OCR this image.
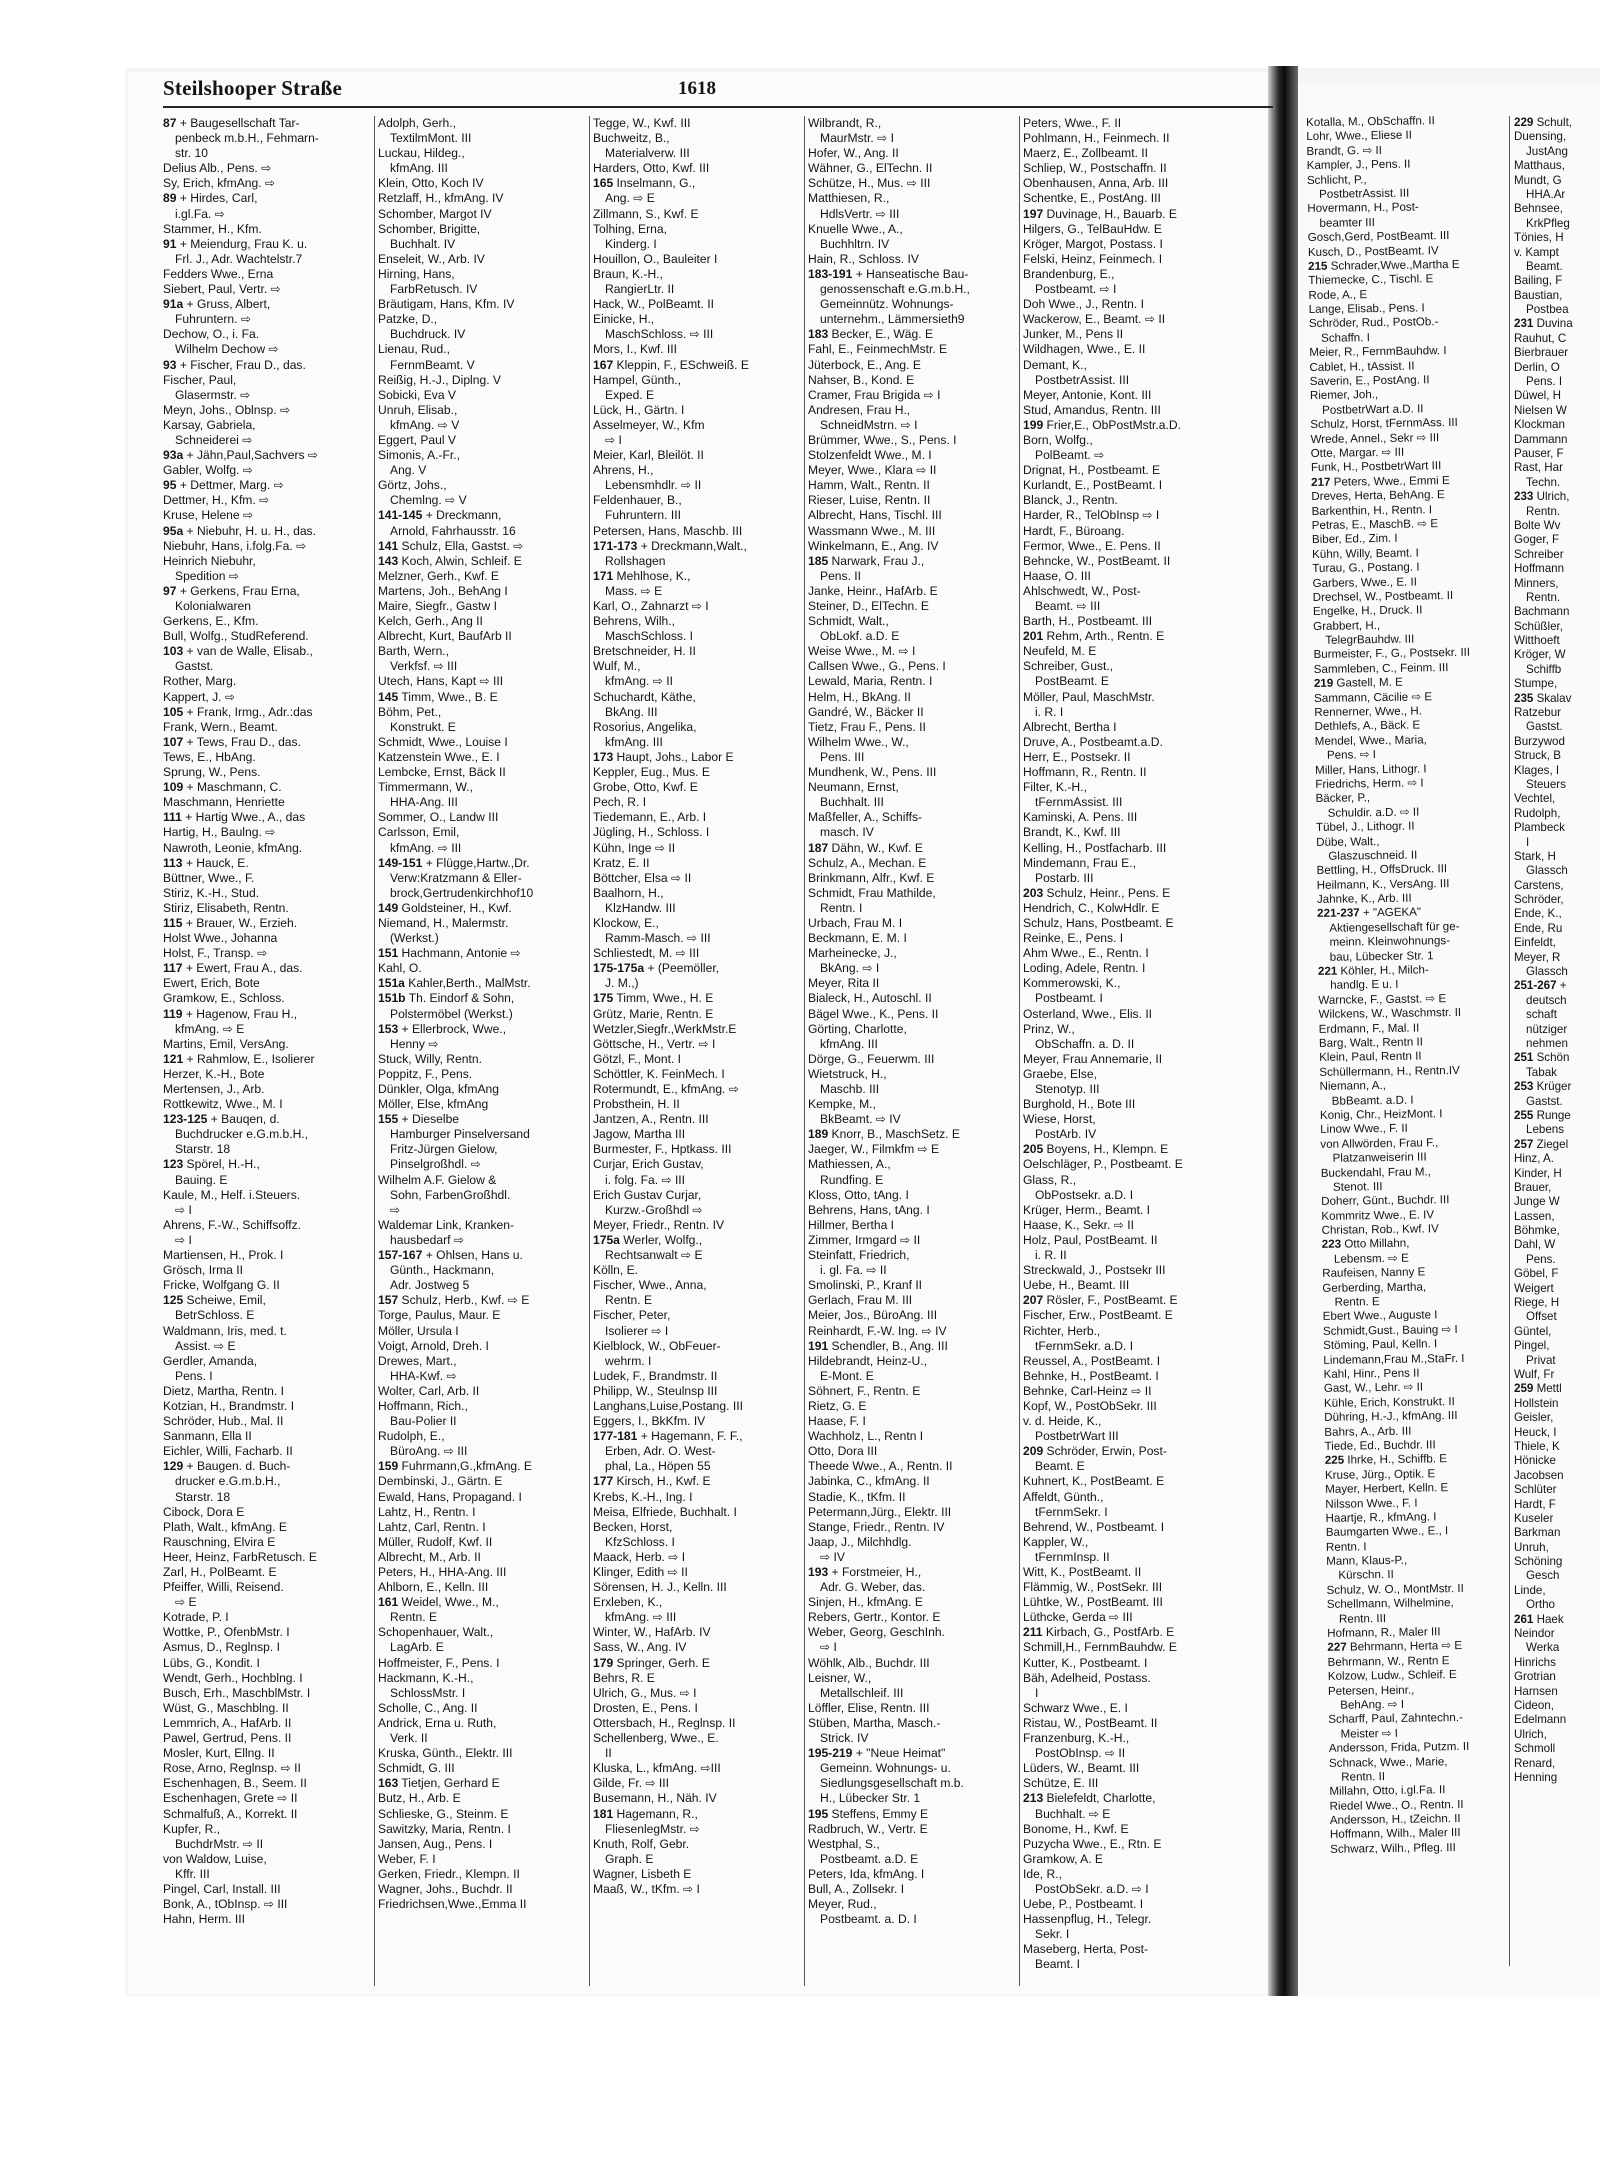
Steilshooper Straße	1618
87 + Baugesellschaft Tar-
penbeck m.b.H., Fehmarn-
str. 10
Delius Alb., Pens. ⇨
Sy, Erich, kfmAng. ⇨
89 + Hirdes, Carl,
i.gl.Fa. ⇨
Stammer, H., Kfm.
91 + Meiendurg, Frau K. u.
Frl. J., Adr. Wachtelstr.7
Fedders Wwe., Erna
Siebert, Paul, Vertr. ⇨
91a + Gruss, Albert,
Fuhruntern. ⇨
Dechow, O., i. Fa.
Wilhelm Dechow ⇨
93 + Fischer, Frau D., das.
Fischer, Paul,
Glasermstr. ⇨
Meyn, Johs., Oblnsp. ⇨
Karsay, Gabriela,
Schneiderei ⇨
93a + Jähn,Paul,Sachvers ⇨
Gabler, Wolfg. ⇨
95 + Dettmer, Marg. ⇨
Dettmer, H., Kfm. ⇨
Kruse, Helene ⇨
95a + Niebuhr, H. u. H., das.
Niebuhr, Hans, i.folg.Fa. ⇨
Heinrich Niebuhr,
Spedition ⇨
97 + Gerkens, Frau Erna,
Kolonialwaren
Gerkens, E., Kfm.
Bull, Wolfg., StudReferend.
103 + van de Walle, Elisab.,
Gastst.
Rother, Marg.
Kappert, J. ⇨
105 + Frank, Irmg., Adr.:das
Frank, Wern., Beamt.
107 + Tews, Frau D., das.
Tews, E., HbAng.
Sprung, W., Pens.
109 + Maschmann, C.
Maschmann, Henriette
111 + Hartig Wwe., A., das
Hartig, H., Baulng. ⇨
Nawroth, Leonie, kfmAng.
113 + Hauck, E.
Büttner, Wwe., F.
Stiriz, K.-H., Stud.
Stiriz, Elisabeth, Rentn.
115 + Brauer, W., Erzieh.
Holst Wwe., Johanna
Holst, F., Transp. ⇨
117 + Ewert, Frau A., das.
Ewert, Erich, Bote
Gramkow, E., Schloss.
119 + Hagenow, Frau H.,
kfmAng. ⇨ E
Martins, Emil, VersAng.
121 + Rahmlow, E., Isolierer
Herzer, K.-H., Bote
Mertensen, J., Arb.
Rottkewitz, Wwe., M. I
123-125 + Bauqen, d.
Buchdrucker e.G.m.b.H.,
Starstr. 18
123 Spörel, H.-H.,
Bauing. E
Kaule, M., Helf. i.Steuers.
⇨ I
Ahrens, F.-W., Schiffsoffz.
⇨ I
Martiensen, H., Prok. I
Grösch, Irma II
Fricke, Wolfgang G. II
125 Scheiwe, Emil,
BetrSchloss. E
Waldmann, Iris, med. t.
Assist. ⇨ E
Gerdler, Amanda,
Pens. I
Dietz, Martha, Rentn. I
Kotzian, H., Brandmstr. I
Schröder, Hub., Mal. II
Sanmann, Ella II
Eichler, Willi, Facharb. II
129 + Baugen. d. Buch-
drucker e.G.m.b.H.,
Starstr. 18
Cibock, Dora E
Plath, Walt., kfmAng. E
Rauschning, Elvira E
Heer, Heinz, FarbRetusch. E
Zarl, H., PolBeamt. E
Pfeiffer, Willi, Reisend.
⇨ E
Kotrade, P. I
Wottke, P., OfenbMstr. I
Asmus, D., Reglnsp. I
Lübs, G., Kondit. I
Wendt, Gerh., Hochblng. I
Busch, Erh., MaschblMstr. I
Wüst, G., Maschblng. II
Lemmrich, A., HafArb. II
Pawel, Gertrud, Pens. II
Mosler, Kurt, Ellng. II
Rose, Arno, Reglnsp. ⇨ II
Eschenhagen, B., Seem. II
Eschenhagen, Grete ⇨ II
Schmalfuß, A., Korrekt. II
Kupfer, R.,
BuchdrMstr. ⇨ II
von Waldow, Luise,
Kffr. III
Pingel, Carl, Install. III
Bonk, A., tObInsp. ⇨ III
Hahn, Herm. III
Adolph, Gerh.,
TextilmMont. III
Luckau, Hildeg.,
kfmAng. III
Klein, Otto, Koch IV
Retzlaff, H., kfmAng. IV
Schomber, Margot IV
Schomber, Brigitte,
Buchhalt. IV
Enseleit, W., Arb. IV
Hirning, Hans,
FarbRetusch. IV
Bräutigam, Hans, Kfm. IV
Patzke, D.,
Buchdruck. IV
Lienau, Rud.,
FernmBeamt. V
Reißig, H.-J., Diplng. V
Sobicki, Eva V
Unruh, Elisab.,
kfmAng. ⇨ V
Eggert, Paul V
Simonis, A.-Fr.,
Ang. V
Görtz, Johs.,
Chemlng. ⇨ V
141-145 + Dreckmann,
Arnold, Fahrhausstr. 16
141 Schulz, Ella, Gastst. ⇨
143 Koch, Alwin, Schleif. E
Melzner, Gerh., Kwf. E
Martens, Joh., BehAng I
Maire, Siegfr., Gastw I
Kelch, Gerh., Ang II
Albrecht, Kurt, BaufArb II
Barth, Wern.,
Verkfsf. ⇨ III
Utech, Hans, Kapt ⇨ III
145 Timm, Wwe., B. E
Böhm, Pet.,
Konstrukt. E
Schmidt, Wwe., Louise I
Katzenstein Wwe., E. I
Lembcke, Ernst, Bäck II
Timmermann, W.,
HHA-Ang. III
Sommer, O., Landw III
Carlsson, Emil,
kfmAng. ⇨ III
149-151 + Flügge,Hartw.,Dr.
Verw:Kratzmann & Eller-
brock,Gertrudenkirchhof10
149 Goldsteiner, H., Kwf.
Niemand, H., Malermstr.
(Werkst.)
151 Hachmann, Antonie ⇨
Kahl, O.
151a Kahler,Berth., MalMstr.
151b Th. Eindorf & Sohn,
Polstermöbel (Werkst.)
153 + Ellerbrock, Wwe.,
Henny ⇨
Stuck, Willy, Rentn.
Poppitz, F., Pens.
Dünkler, Olga, kfmAng
Möller, Else, kfmAng
155 + Dieselbe
Hamburger Pinselversand
Fritz-Jürgen Gielow,
Pinselgroßhdl. ⇨
Wilhelm A.F. Gielow &
Sohn, FarbenGroßhdl.
⇨
Waldemar Link, Kranken-
hausbedarf ⇨
157-167 + Ohlsen, Hans u.
Günth., Hackmann,
Adr. Jostweg 5
157 Schulz, Herb., Kwf. ⇨ E
Torge, Paulus, Maur. E
Möller, Ursula I
Voigt, Arnold, Dreh. I
Drewes, Mart.,
HHA-Kwf. ⇨
Wolter, Carl, Arb. II
Hoffmann, Rich.,
Bau-Polier II
Rudolph, E.,
BüroAng. ⇨ III
159 Fuhrmann,G.,kfmAng. E
Dembinski, J., Gärtn. E
Ewald, Hans, Propagand. I
Lahtz, H., Rentn. I
Lahtz, Carl, Rentn. I
Müller, Rudolf, Kwf. II
Albrecht, M., Arb. II
Peters, H., HHA-Ang. III
Ahlborn, E., Kelln. III
161 Weidel, Wwe., M.,
Rentn. E
Schopenhauer, Walt.,
LagArb. E
Hoffmeister, F., Pens. I
Hackmann, K.-H.,
SchlossMstr. I
Scholle, C., Ang. II
Andrick, Erna u. Ruth,
Verk. II
Kruska, Günth., Elektr. III
Schmidt, G. III
163 Tietjen, Gerhard E
Butz, H., Arb. E
Schlieske, G., Steinm. E
Sawitzky, Maria, Rentn. I
Jansen, Aug., Pens. I
Weber, F. I
Gerken, Friedr., Klempn. II
Wagner, Johs., Buchdr. II
Friedrichsen,Wwe.,Emma II
Tegge, W., Kwf. III
Buchweitz, B.,
Materialverw. III
Harders, Otto, Kwf. III
165 Inselmann, G.,
Ang. ⇨ E
Zillmann, S., Kwf. E
Tolhing, Erna,
Kinderg. I
Houillon, O., Bauleiter I
Braun, K.-H.,
RangierLtr. II
Hack, W., PolBeamt. II
Einicke, H.,
MaschSchloss. ⇨ III
Mors, I., Kwf. III
167 Kleppin, F., ESchweiß. E
Hampel, Günth.,
Exped. E
Lück, H., Gärtn. I
Asselmeyer, W., Kfm
⇨ I
Meier, Karl, Bleilöt. II
Ahrens, H.,
Lebensmhdlr. ⇨ II
Feldenhauer, B.,
Fuhruntern. III
Petersen, Hans, Maschb. III
171-173 + Dreckmann,Walt.,
Rollshagen
171 Mehlhose, K.,
Mass. ⇨ E
Karl, O., Zahnarzt ⇨ I
Behrens, Wilh.,
MaschSchloss. I
Bretschneider, H. II
Wulf, M.,
kfmAng. ⇨ II
Schuchardt, Käthe,
BkAng. III
Rosorius, Angelika,
kfmAng. III
173 Haupt, Johs., Labor E
Keppler, Eug., Mus. E
Grobe, Otto, Kwf. E
Pech, R. I
Tiedemann, E., Arb. I
Jügling, H., Schloss. I
Kühn, Inge ⇨ II
Kratz, E. II
Böttcher, Elsa ⇨ II
Baalhorn, H.,
KlzHandw. III
Klockow, E.,
Ramm-Masch. ⇨ III
Schliestedt, M. ⇨ III
175-175a + (Peemöller,
J. M.,)
175 Timm, Wwe., H. E
Grütz, Marie, Rentn. E
Wetzler,Siegfr.,WerkMstr.E
Göttsche, H., Vertr. ⇨ I
Götzl, F., Mont. I
Schöttler, K. FeinMech. I
Rotermundt, E., kfmAng. ⇨
Probsthein, H. II
Jantzen, A., Rentn. III
Jagow, Martha III
Burmester, F., Hptkass. III
Curjar, Erich Gustav,
i. folg. Fa. ⇨ III
Erich Gustav Curjar,
Kurzw.-Großhdl ⇨
Meyer, Friedr., Rentn. IV
175a Werler, Wolfg.,
Rechtsanwalt ⇨ E
Kölln, E.
Fischer, Wwe., Anna,
Rentn. E
Fischer, Peter,
Isolierer ⇨ I
Kielblock, W., ObFeuer-
wehrm. I
Ludek, F., Brandmstr. II
Philipp, W., Steulnsp III
Langhans,Luise,Postang. III
Eggers, I., BkKfm. IV
177-181 + Hagemann, F. F.,
Erben, Adr. O. West-
phal, La., Höpen 55
177 Kirsch, H., Kwf. E
Krebs, K.-H., Ing. I
Meisa, Elfriede, Buchhalt. I
Becken, Horst,
KfzSchloss. I
Maack, Herb. ⇨ I
Klinger, Edith ⇨ II
Sörensen, H. J., Kelln. III
Erxleben, K.,
kfmAng. ⇨ III
Winter, W., HafArb. IV
Sass, W., Ang. IV
179 Springer, Gerh. E
Behrs, R. E
Ulrich, G., Mus. ⇨ I
Drosten, E., Pens. I
Ottersbach, H., Reglnsp. II
Schellenberg, Wwe., E.
II
Kluska, L., kfmAng. ⇨III
Gilde, Fr. ⇨ III
Busemann, H., Näh. IV
181 Hagemann, R.,
FliesenlegMstr. ⇨
Knuth, Rolf, Gebr.
Graph. E
Wagner, Lisbeth E
Maaß, W., tKfm. ⇨ I
Wilbrandt, R.,
MaurMstr. ⇨ I
Hofer, W., Ang. II
Wähner, G., ElTechn. II
Schütze, H., Mus. ⇨ III
Matthiesen, R.,
HdlsVertr. ⇨ III
Knuelle Wwe., A.,
Buchhltrn. IV
Hain, R., Schloss. IV
183-191 + Hanseatische Bau-
genossenschaft e.G.m.b.H.,
Gemeinnütz. Wohnungs-
unternehm., Lämmersieth9
183 Becker, E., Wäg. E
Fahl, E., FeinmechMstr. E
Jüterbock, E., Ang. E
Nahser, B., Kond. E
Cramer, Frau Brigida ⇨ I
Andresen, Frau H.,
SchneidMstrn. ⇨ I
Brümmer, Wwe., S., Pens. I
Stolzenfeldt Wwe., M. I
Meyer, Wwe., Klara ⇨ II
Hamm, Walt., Rentn. II
Rieser, Luise, Rentn. II
Albrecht, Hans, Tischl. III
Wassmann Wwe., M. III
Winkelmann, E., Ang. IV
185 Narwark, Frau J.,
Pens. II
Janke, Heinr., HafArb. E
Steiner, D., ElTechn. E
Schmidt, Walt.,
ObLokf. a.D. E
Weise Wwe., M. ⇨ I
Callsen Wwe., G., Pens. I
Lewald, Maria, Rentn. I
Helm, H., BkAng. II
Gandré, W., Bäcker II
Tietz, Frau F., Pens. II
Wilhelm Wwe., W.,
Pens. III
Mundhenk, W., Pens. III
Neumann, Ernst,
Buchhalt. III
Maßfeller, A., Schiffs-
masch. IV
187 Dähn, W., Kwf. E
Schulz, A., Mechan. E
Brinkmann, Alfr., Kwf. E
Schmidt, Frau Mathilde,
Rentn. I
Urbach, Frau M. I
Beckmann, E. M. I
Marheinecke, J.,
BkAng. ⇨ I
Meyer, Rita II
Bialeck, H., Autoschl. II
Bägel Wwe., K., Pens. II
Görting, Charlotte,
kfmAng. III
Dörge, G., Feuerwm. III
Wietstruck, H.,
Maschb. III
Kempke, M.,
BkBeamt. ⇨ IV
189 Knorr, B., MaschSetz. E
Jaeger, W., Filmkfm ⇨ E
Mathiessen, A.,
Rundfing. E
Kloss, Otto, tAng. I
Behrens, Hans, tAng. I
Hillmer, Bertha I
Zimmer, Irmgard ⇨ II
Steinfatt, Friedrich,
i. gl. Fa. ⇨ II
Smolinski, P., Kranf II
Gerlach, Frau M. III
Meier, Jos., BüroAng. III
Reinhardt, F.-W. Ing. ⇨ IV
191 Schendler, B., Ang. III
Hildebrandt, Heinz-U.,
E-Mont. E
Söhnert, F., Rentn. E
Rietz, G. E
Haase, F. I
Wachholz, L., Rentn I
Otto, Dora III
Theede Wwe., A., Rentn. II
Jabinka, C., kfmAng. II
Stadie, K., tKfm. II
Petermann,Jürg., Elektr. III
Stange, Friedr., Rentn. IV
Jaap, J., Milchhdlg.
⇨ IV
193 + Forstmeier, H.,
Adr. G. Weber, das.
Sinjen, H., kfmAng. E
Rebers, Gertr., Kontor. E
Weber, Georg, GeschInh.
⇨ I
Wöhlk, Alb., Buchdr. III
Leisner, W.,
Metallschleif. III
Löffler, Elise, Rentn. III
Stüben, Martha, Masch.-
Strick. IV
195-219 + "Neue Heimat"
Gemeinn. Wohnungs- u.
Siedlungsgesellschaft m.b.
H., Lübecker Str. 1
195 Steffens, Emmy E
Radbruch, W., Vertr. E
Westphal, S.,
Postbeamt. a.D. E
Peters, Ida, kfmAng. I
Bull, A., Zollsekr. I
Meyer, Rud.,
Postbeamt. a. D. I
Peters, Wwe., F. II
Pohlmann, H., Feinmech. II
Maerz, E., Zollbeamt. II
Schliep, W., Postschaffn. II
Obenhausen, Anna, Arb. III
Schentke, E., PostAng. III
197 Duvinage, H., Bauarb. E
Hilgers, G., TelBauHdw. E
Kröger, Margot, Postass. I
Felski, Heinz, Feinmech. I
Brandenburg, E.,
Postbeamt. ⇨ I
Doh Wwe., J., Rentn. I
Wackerow, E., Beamt. ⇨ II
Junker, M., Pens II
Wildhagen, Wwe., E. II
Demant, K.,
PostbetrAssist. III
Meyer, Antonie, Kont. III
Stud, Amandus, Rentn. III
199 Frier,E., ObPostMstr.a.D.
Born, Wolfg.,
PolBeamt. ⇨
Drignat, H., Postbeamt. E
Kurlandt, E., PostBeamt. I
Blanck, J., Rentn.
Harder, R., TelObInsp ⇨ I
Hardt, F., Büroang.
Fermor, Wwe., E. Pens. II
Behncke, W., PostBeamt. II
Haase, O. III
Ahlschwedt, W., Post-
Beamt. ⇨ III
Barth, H., Postbeamt. III
201 Rehm, Arth., Rentn. E
Neufeld, M. E
Schreiber, Gust.,
PostBeamt. E
Möller, Paul, MaschMstr.
i. R. I
Albrecht, Bertha I
Druve, A., Postbeamt.a.D.
Herr, E., Postsekr. II
Hoffmann, R., Rentn. II
Filter, K.-H.,
tFernmAssist. III
Kaminski, A. Pens. III
Brandt, K., Kwf. III
Kelling, H., Postfacharb. III
Mindemann, Frau E.,
Postarb. III
203 Schulz, Heinr., Pens. E
Hendrich, C., KolwHdlr. E
Schulz, Hans, Postbeamt. E
Reinke, E., Pens. I
Ahm Wwe., E., Rentn. I
Loding, Adele, Rentn. I
Kommerowski, K.,
Postbeamt. I
Osterland, Wwe., Elis. II
Prinz, W.,
ObSchaffn. a. D. II
Meyer, Frau Annemarie, II
Graebe, Else,
Stenotyp. III
Burghold, H., Bote III
Wiese, Horst,
PostArb. IV
205 Boyens, H., Klempn. E
Oelschläger, P., Postbeamt. E
Glass, R.,
ObPostsekr. a.D. I
Krüger, Herm., Beamt. I
Haase, K., Sekr. ⇨ II
Holz, Paul, PostBeamt. II
i. R. II
Streckwald, J., Postsekr III
Uebe, H., Beamt. III
207 Rösler, F., PostBeamt. E
Fischer, Erw., PostBeamt. E
Richter, Herb.,
tFernmSekr. a.D. I
Reussel, A., PostBeamt. I
Behnke, H., PostBeamt. I
Behnke, Carl-Heinz ⇨ II
Kopf, W., PostObSekr. III
v. d. Heide, K.,
PostbetrWart III
209 Schröder, Erwin, Post-
Beamt. E
Kuhnert, K., PostBeamt. E
Affeldt, Günth.,
tFernmSekr. I
Behrend, W., Postbeamt. I
Kappler, W.,
tFernmInsp. II
Witt, K., PostBeamt. II
Flämmig, W., PostSekr. III
Lühtke, W., PostBeamt. III
Lüthcke, Gerda ⇨ III
211 Kirbach, G., PostfArb. E
Schmill,H., FernmBauhdw. E
Kutter, K., Postbeamt. I
Bäh, Adelheid, Postass.
I
Schwarz Wwe., E. I
Ristau, W., PostBeamt. II
Franzenburg, K.-H.,
PostObInsp. ⇨ II
Lüders, W., Beamt. III
Schütze, E. III
213 Bielefeldt, Charlotte,
Buchhalt. ⇨ E
Bonome, H., Kwf. E
Puzycha Wwe., E., Rtn. E
Gramkow, A. E
Ide, R.,
PostObSekr. a.D. ⇨ I
Uebe, P., Postbeamt. I
Hassenpflug, H., Telegr.
Sekr. I
Maseberg, Herta, Post-
Beamt. I
Kotalla, M., ObSchaffn. II
Lohr, Wwe., Eliese II
Brandt, G. ⇨ II
Kampler, J., Pens. II
Schlicht, P.,
PostbetrAssist. III
Hovermann, H., Post-
beamter III
Gosch,Gerd, PostBeamt. III
Kusch, D., PostBeamt. IV
215 Schrader,Wwe.,Martha E
Thiemecke, C., Tischl. E
Rode, A., E
Lange, Elisab., Pens. I
Schröder, Rud., PostOb.-
Schaffn. I
Meier, R., FernmBauhdw. I
Cablet, H., tAssist. II
Saverin, E., PostAng. II
Riemer, Joh.,
PostbetrWart a.D. II
Schulz, Horst, tFernmAss. III
Wrede, Annel., Sekr ⇨ III
Otte, Margar. ⇨ III
Funk, H., PostbetrWart III
217 Peters, Wwe., Emmi E
Dreves, Herta, BehAng. E
Barkenthin, H., Rentn. I
Petras, E., MaschB. ⇨ E
Biber, Ed., Zim. I
Kühn, Willy, Beamt. I
Turau, G., Postang. I
Garbers, Wwe., E. II
Drechsel, W., Postbeamt. II
Engelke, H., Druck. II
Grabbert, H.,
TelegrBauhdw. III
Burmeister, F., G., Postsekr. III
Sammleben, C., Feinm. III
219 Gastell, M. E
Sammann, Cäcilie ⇨ E
Rennerner, Wwe., H.
Dethlefs, A., Bäck. E
Mendel, Wwe., Maria,
Pens. ⇨ I
Miller, Hans, Lithogr. I
Friedrichs, Herm. ⇨ I
Bäcker, P.,
Schuldir. a.D. ⇨ II
Tübel, J., Lithogr. II
Dübe, Walt.,
Glaszuschneid. II
Bettling, H., OffsDruck. III
Heilmann, K., VersAng. III
Jahnke, K., Arb. III
221-237 + "AGEKA"
Aktiengesellschaft für ge-
meinn. Kleinwohnungs-
bau, Lübecker Str. 1
221 Köhler, H., Milch-
handlg. E u. I
Warncke, F., Gastst. ⇨ E
Wilckens, W., Waschmstr. II
Erdmann, F., Mal. II
Barg, Walt., Rentn II
Klein, Paul, Rentn II
Schüllermann, H., Rentn.IV
Niemann, A.,
BbBeamt. a.D. I
Konig, Chr., HeizMont. I
Linow Wwe., F. II
von Allwörden, Frau F.,
Platzanweiserin III
Buckendahl, Frau M.,
Stenot. III
Doherr, Günt., Buchdr. III
Kommritz Wwe., E. IV
Christan, Rob., Kwf. IV
223 Otto Millahn,
Lebensm. ⇨ E
Raufeisen, Nanny E
Gerberding, Martha,
Rentn. E
Ebert Wwe., Auguste I
Schmidt,Gust., Bauing ⇨ I
Stöming, Paul, Kelln. I
Lindemann,Frau M.,StaFr. I
Kahl, Hinr., Pens II
Gast, W., Lehr. ⇨ II
Kühle, Erich, Konstrukt. II
Dühring, H.-J., kfmAng. III
Bahrs, A., Arb. III
Tiede, Ed., Buchdr. III
225 Ihrke, H., Schiffb. E
Kruse, Jürg., Optik. E
Mayer, Herbert, Kelln. E
Nilsson Wwe., F. I
Haartje, R., kfmAng. I
Baumgarten Wwe., E., I
Rentn. I
Mann, Klaus-P.,
Kürschn. II
Schulz, W. O., MontMstr. II
Schellmann, Wilhelmine,
Rentn. III
Hofmann, R., Maler III
227 Behrmann, Herta ⇨ E
Behrmann, W., Rentn E
Kolzow, Ludw., Schleif. E
Petersen, Heinr.,
BehAng. ⇨ I
Scharff, Paul, Zahntechn.-
Meister ⇨ I
Andersson, Frida, Putzm. II
Schnack, Wwe., Marie,
Rentn. II
Millahn, Otto, i.gl.Fa. II
Riedel Wwe., O., Rentn. II
Andersson, H., tZeichn. II
Hoffmann, Wilh., Maler III
Schwarz, Wilh., Pfleg. III
229 Schult,
Duensing,
JustAng
Matthaus,
Mundt, G
HHA.Ar
Behnsee,
KrkPfleg
Tönies, H
v. Kampt
Beamt.
Bailing, F
Baustian,
Postbea
231 Duvina
Rauhut, C
Bierbrauer
Derlin, O
Pens. I
Düwel, H
Nielsen W
Klockman
Dammann
Pauser, F
Rast, Har
Techn.
233 Ulrich,
Rentn.
Bolte Wv
Goger, F
Schreiber
Hoffmann
Minners,
Rentn.
Bachmann
Schüßler,
Witthoeft
Kröger, W
Schiffb
Stumpe,
235 Skalav
Ratzebur
Gastst.
Burzywod
Struck, B
Klages, I
Steuers
Vechtel,
Rudolph,
Plambeck
I
Stark, H
Glassch
Carstens,
Schröder,
Ende, K.,
Ende, Ru
Einfeldt,
Meyer, R
Glassch
251-267 +
deutsch
schaft
nütziger
nehmen
251 Schön
Tabak
253 Krüger
Gastst.
255 Runge
Lebens
257 Ziegel
Hinz, A.
Kinder, H
Brauer,
Junge W
Lassen,
Böhmke,
Dahl, W
Pens.
Göbel, F
Weigert
Riege, H
Offset
Güntel,
Pingel,
Privat
Wulf, Fr
259 Mettl
Hollstein
Geisler,
Heuck, I
Thiele, K
Hönicke
Jacobsen
Schlüter
Hardt, F
Kuseler
Barkman
Unruh,
Schöning
Gesch
Linde,
Ortho
261 Haek
Neindor
Werka
Hinrichs
Grotrian
Harnsen
Cideon,
Edelmann
Ulrich,
Schmoll
Renard,
Henning
